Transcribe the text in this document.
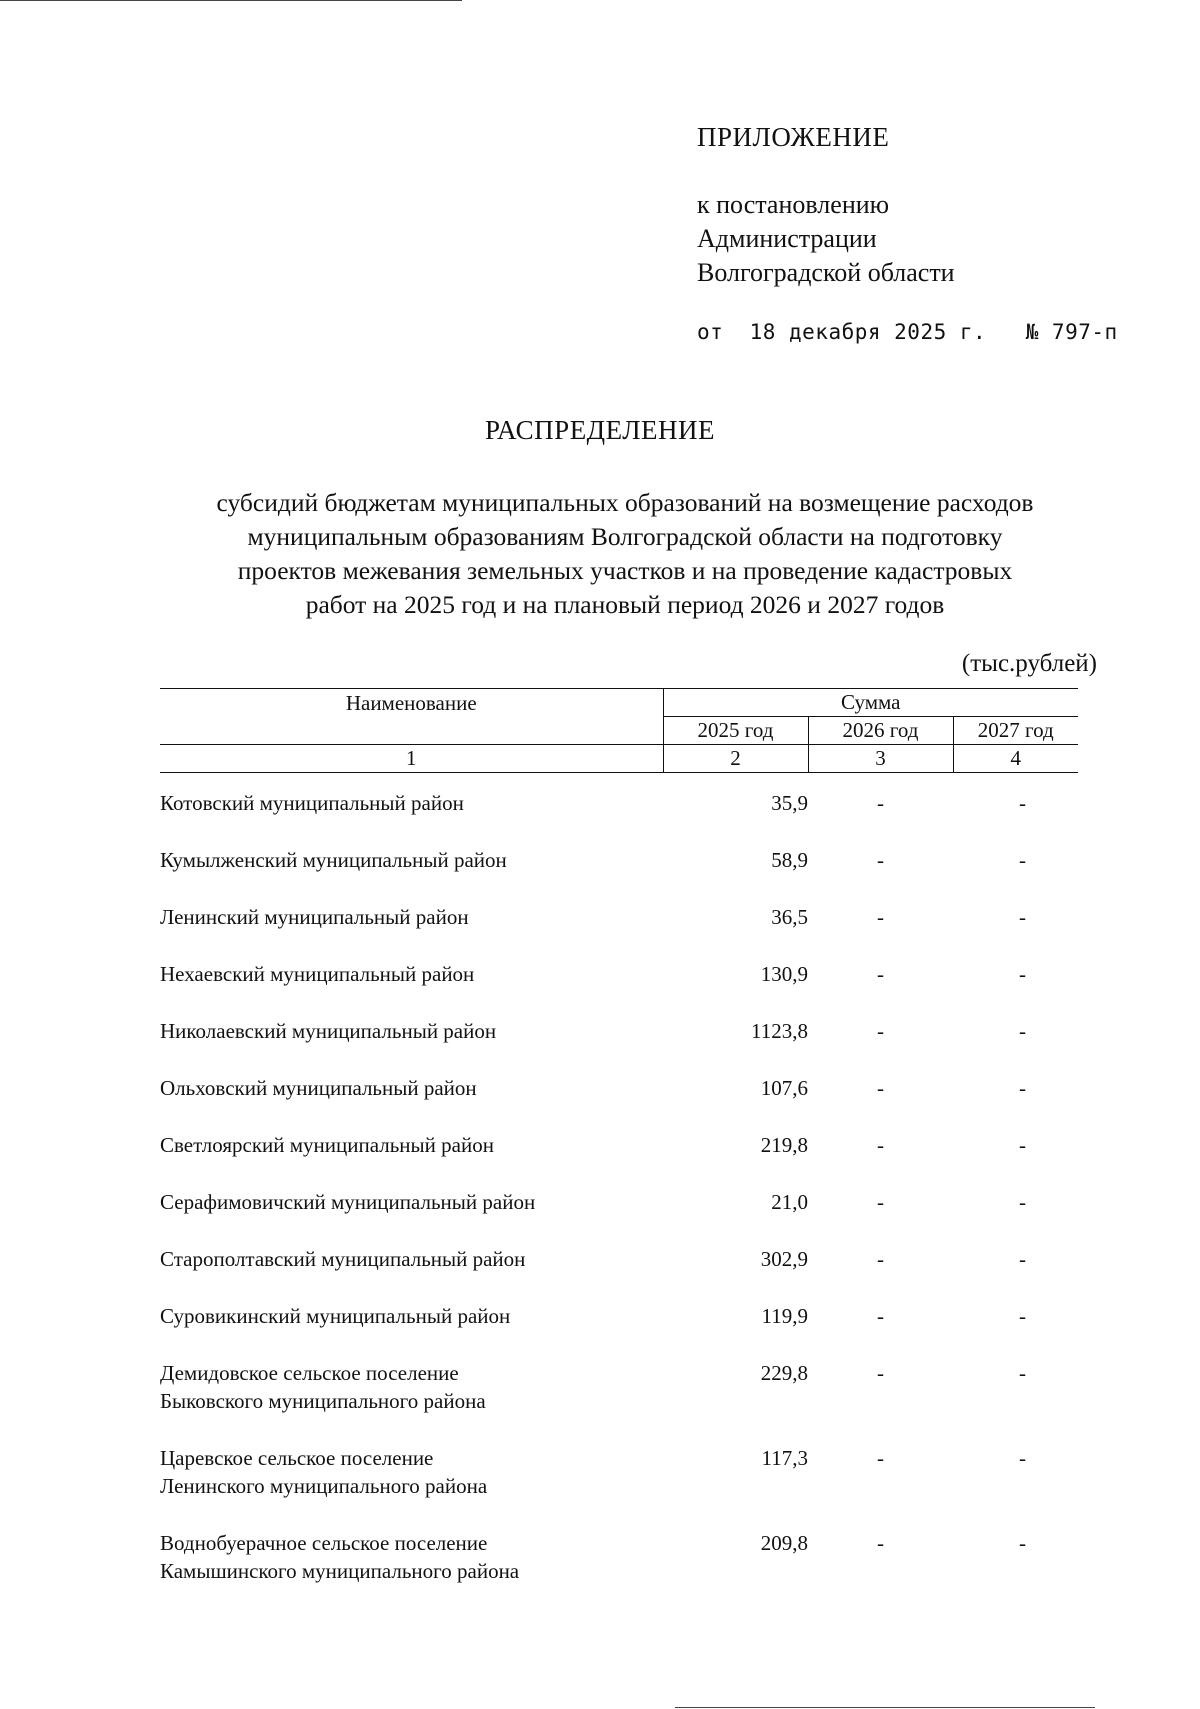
ПРИЛОЖЕНИЕ
к постановлению
Администрации
Волгоградской области
от 18 декабря 2025 г. № 797-п
РАСПРЕДЕЛЕНИЕ
субсидий бюджетам муниципальных образований на возмещение расходов
муниципальным образованиям Волгоградской области на подготовку
проектов межевания земельных участков и на проведение кадастровых
работ на 2025 год и на плановый период 2026 и 2027 годов
(тыс.рублей)
Наименование	Сумма		
	2025 год	2026 год	2027 год
1	2	3	4

Котовский муниципальный район	35,9	-	-

Кумылженский муниципальный район	58,9	-	-

Ленинский муниципальный район	36,5	-	-

Нехаевский муниципальный район	130,9	-	-

Николаевский муниципальный район	1123,8	-	-

Ольховский муниципальный район	107,6	-	-

Светлоярский муниципальный район	219,8	-	-

Серафимовичский муниципальный район	21,0	-	-

Старополтавский муниципальный район	302,9	-	-

Суровикинский муниципальный район	119,9	-	-

Демидовское сельское поселение
Быковского муниципального района	229,8	-	-

Царевское сельское поселение
Ленинского муниципального района	117,3	-	-

Воднобуерачное сельское поселение
Камышинского муниципального района	209,8	-	-
